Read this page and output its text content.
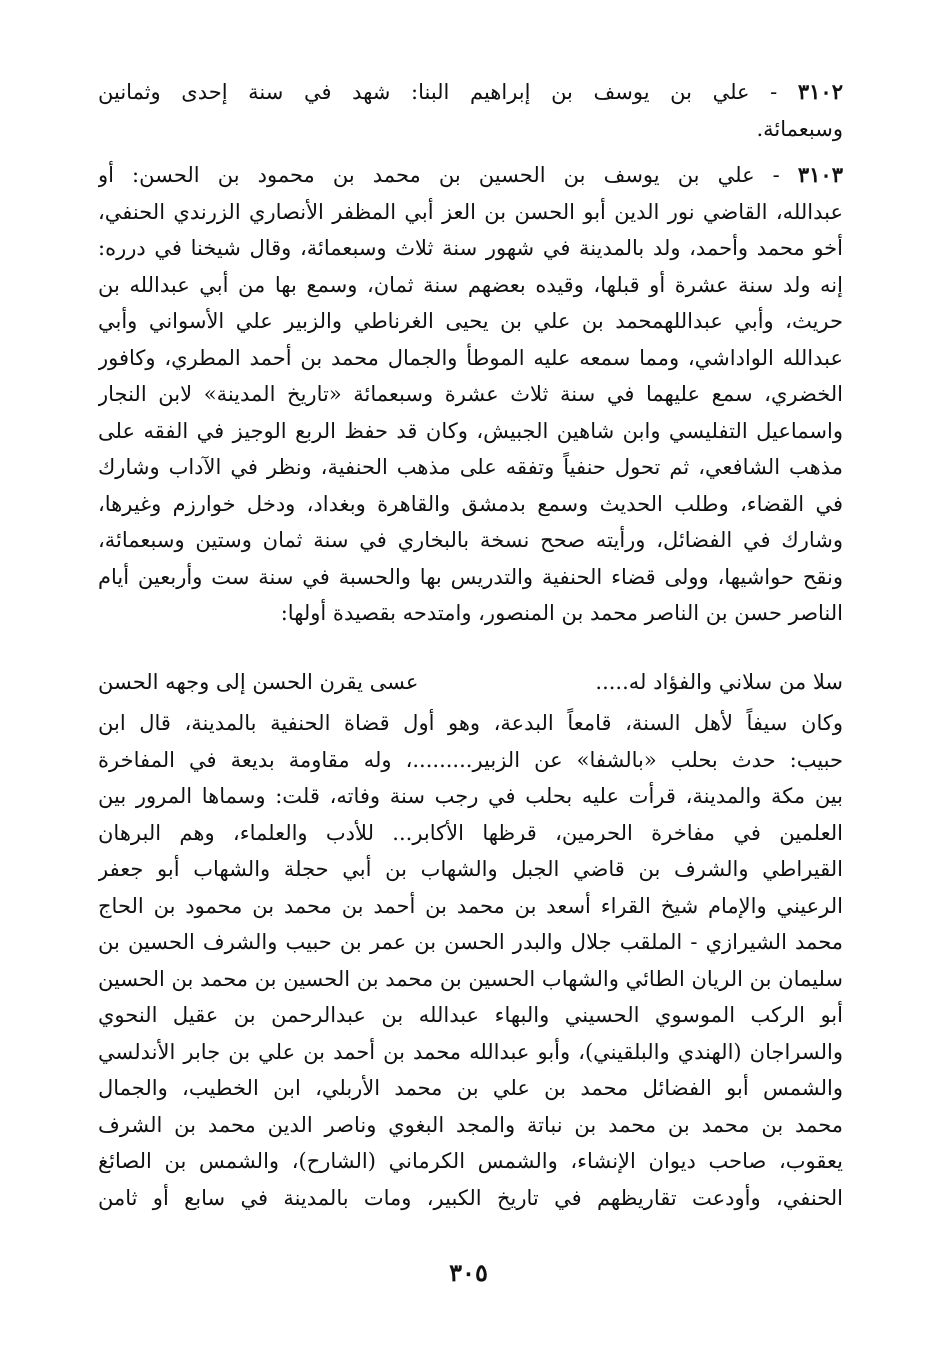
٣١٠٢ - علي بن يوسف بن إبراهيم البنا: شهد في سنة إحدى وثمانين
وسبعمائة.
٣١٠٣ - علي بن يوسف بن الحسين بن محمد بن محمود بن الحسن: أو
عبدالله، القاضي نور الدين أبو الحسن بن العز أبي المظفر الأنصاري الزرندي الحنفي،
أخو محمد وأحمد، ولد بالمدينة في شهور سنة ثلاث وسبعمائة، وقال شيخنا في درره:
إنه ولد سنة عشرة أو قبلها، وقيده بعضهم سنة ثمان، وسمع بها من أبي عبدالله بن
حريث، وأبي عبداللهمحمد بن علي بن يحيى الغرناطي والزبير علي الأسواني وأبي
عبدالله الواداشي، ومما سمعه عليه الموطأ والجمال محمد بن أحمد المطري، وكافور
الخضري، سمع عليهما في سنة ثلاث عشرة وسبعمائة «تاريخ المدينة» لابن النجار
واسماعيل التفليسي وابن شاهين الجبيش، وكان قد حفظ الربع الوجيز في الفقه على
مذهب الشافعي، ثم تحول حنفياً وتفقه على مذهب الحنفية، ونظر في الآداب وشارك
في القضاء، وطلب الحديث وسمع بدمشق والقاهرة وبغداد، ودخل خوارزم وغيرها،
وشارك في الفضائل، ورأيته صحح نسخة بالبخاري في سنة ثمان وستين وسبعمائة،
ونقح حواشيها، وولى قضاء الحنفية والتدريس بها والحسبة في سنة ست وأربعين أيام
الناصر حسن بن الناصر محمد بن المنصور، وامتدحه بقصيدة أولها:
سلا من سلاني والفؤاد له.....
عسى يقرن الحسن إلى وجهه الحسن
وكان سيفاً لأهل السنة، قامعاً البدعة، وهو أول قضاة الحنفية بالمدينة، قال ابن
حبيب: حدث بحلب «بالشفا» عن الزبير.........، وله مقاومة بديعة في المفاخرة
بين مكة والمدينة، قرأت عليه بحلب في رجب سنة وفاته، قلت: وسماها المرور بين
العلمين في مفاخرة الحرمين، قرظها الأكابر... للأدب والعلماء، وهم البرهان
القيراطي والشرف بن قاضي الجبل والشهاب بن أبي حجلة والشهاب أبو جعفر
الرعيني والإمام شيخ القراء أسعد بن محمد بن أحمد بن محمد بن محمود بن الحاج
محمد الشيرازي - الملقب جلال والبدر الحسن بن عمر بن حبيب والشرف الحسين بن
سليمان بن الريان الطائي والشهاب الحسين بن محمد بن الحسين بن محمد بن الحسين
أبو الركب الموسوي الحسيني والبهاء عبدالله بن عبدالرحمن بن عقيل النحوي
والسراجان (الهندي والبلقيني)، وأبو عبدالله محمد بن أحمد بن علي بن جابر الأندلسي
والشمس أبو الفضائل محمد بن علي بن محمد الأربلي، ابن الخطيب، والجمال
محمد بن محمد بن محمد بن نباتة والمجد البغوي وناصر الدين محمد بن الشرف
يعقوب، صاحب ديوان الإنشاء، والشمس الكرماني (الشارح)، والشمس بن الصائغ
الحنفي، وأودعت تقاريظهم في تاريخ الكبير، ومات بالمدينة في سابع أو ثامن
٣٠٥
